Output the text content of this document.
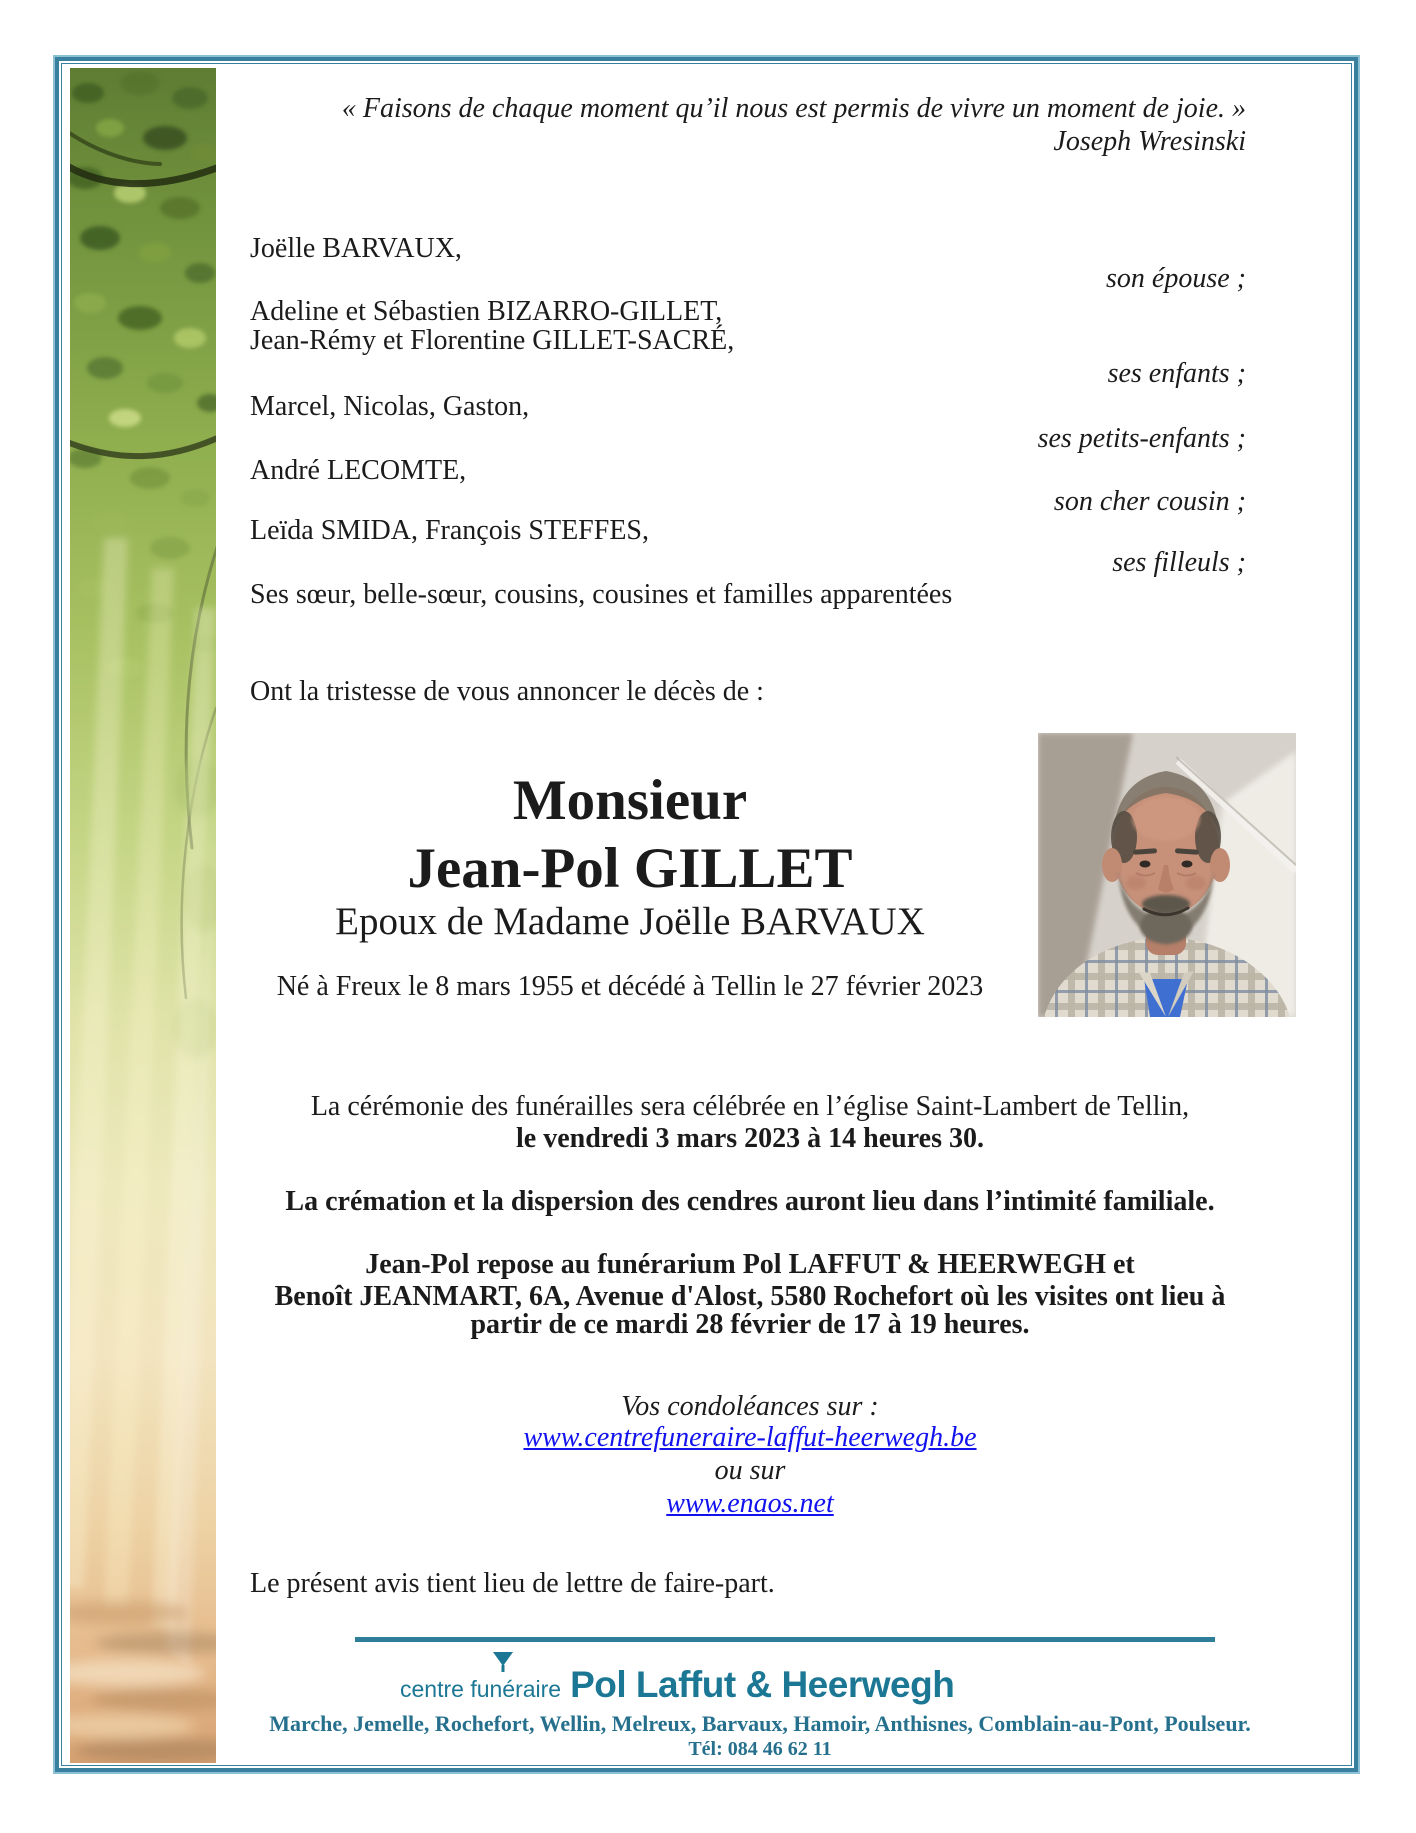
« Faisons de chaque moment qu’il nous est permis de vivre un moment de joie. »
Joseph Wresinski
Joëlle BARVAUX,
Adeline et Sébastien BIZARRO-GILLET,
Jean-Rémy et Florentine GILLET-SACRÉ,
Marcel, Nicolas, Gaston,
André LECOMTE,
Leïda SMIDA, François STEFFES,
Ses sœur, belle-sœur, cousins, cousines et familles apparentées
son épouse ;
ses enfants ;
ses petits-enfants ;
son cher cousin ;
ses filleuls ;
Ont la tristesse de vous annoncer le décès de :
Monsieur
Jean-Pol GILLET
Epoux de Madame Joëlle BARVAUX
Né à Freux le 8 mars 1955 et décédé à Tellin le 27 février 2023
La cérémonie des funérailles sera célébrée en l’église Saint-Lambert de Tellin,
le vendredi 3 mars 2023 à 14 heures 30.
La crémation et la dispersion des cendres auront lieu dans l’intimité familiale.
Jean-Pol repose au funérarium Pol LAFFUT & HEERWEGH et
Benoît JEANMART, 6A, Avenue d'Alost, 5580 Rochefort où les visites ont lieu à
partir de ce mardi 28 février de 17 à 19 heures.
Vos condoléances sur :
www.centrefuneraire-laffut-heerwegh.be
ou sur
www.enaos.net
Le présent avis tient lieu de lettre de faire-part.
centre funéraire Pol Laffut & Heerwegh
Marche, Jemelle, Rochefort, Wellin, Melreux, Barvaux, Hamoir, Anthisnes, Comblain-au-Pont, Poulseur.
Tél: 084 46 62 11
